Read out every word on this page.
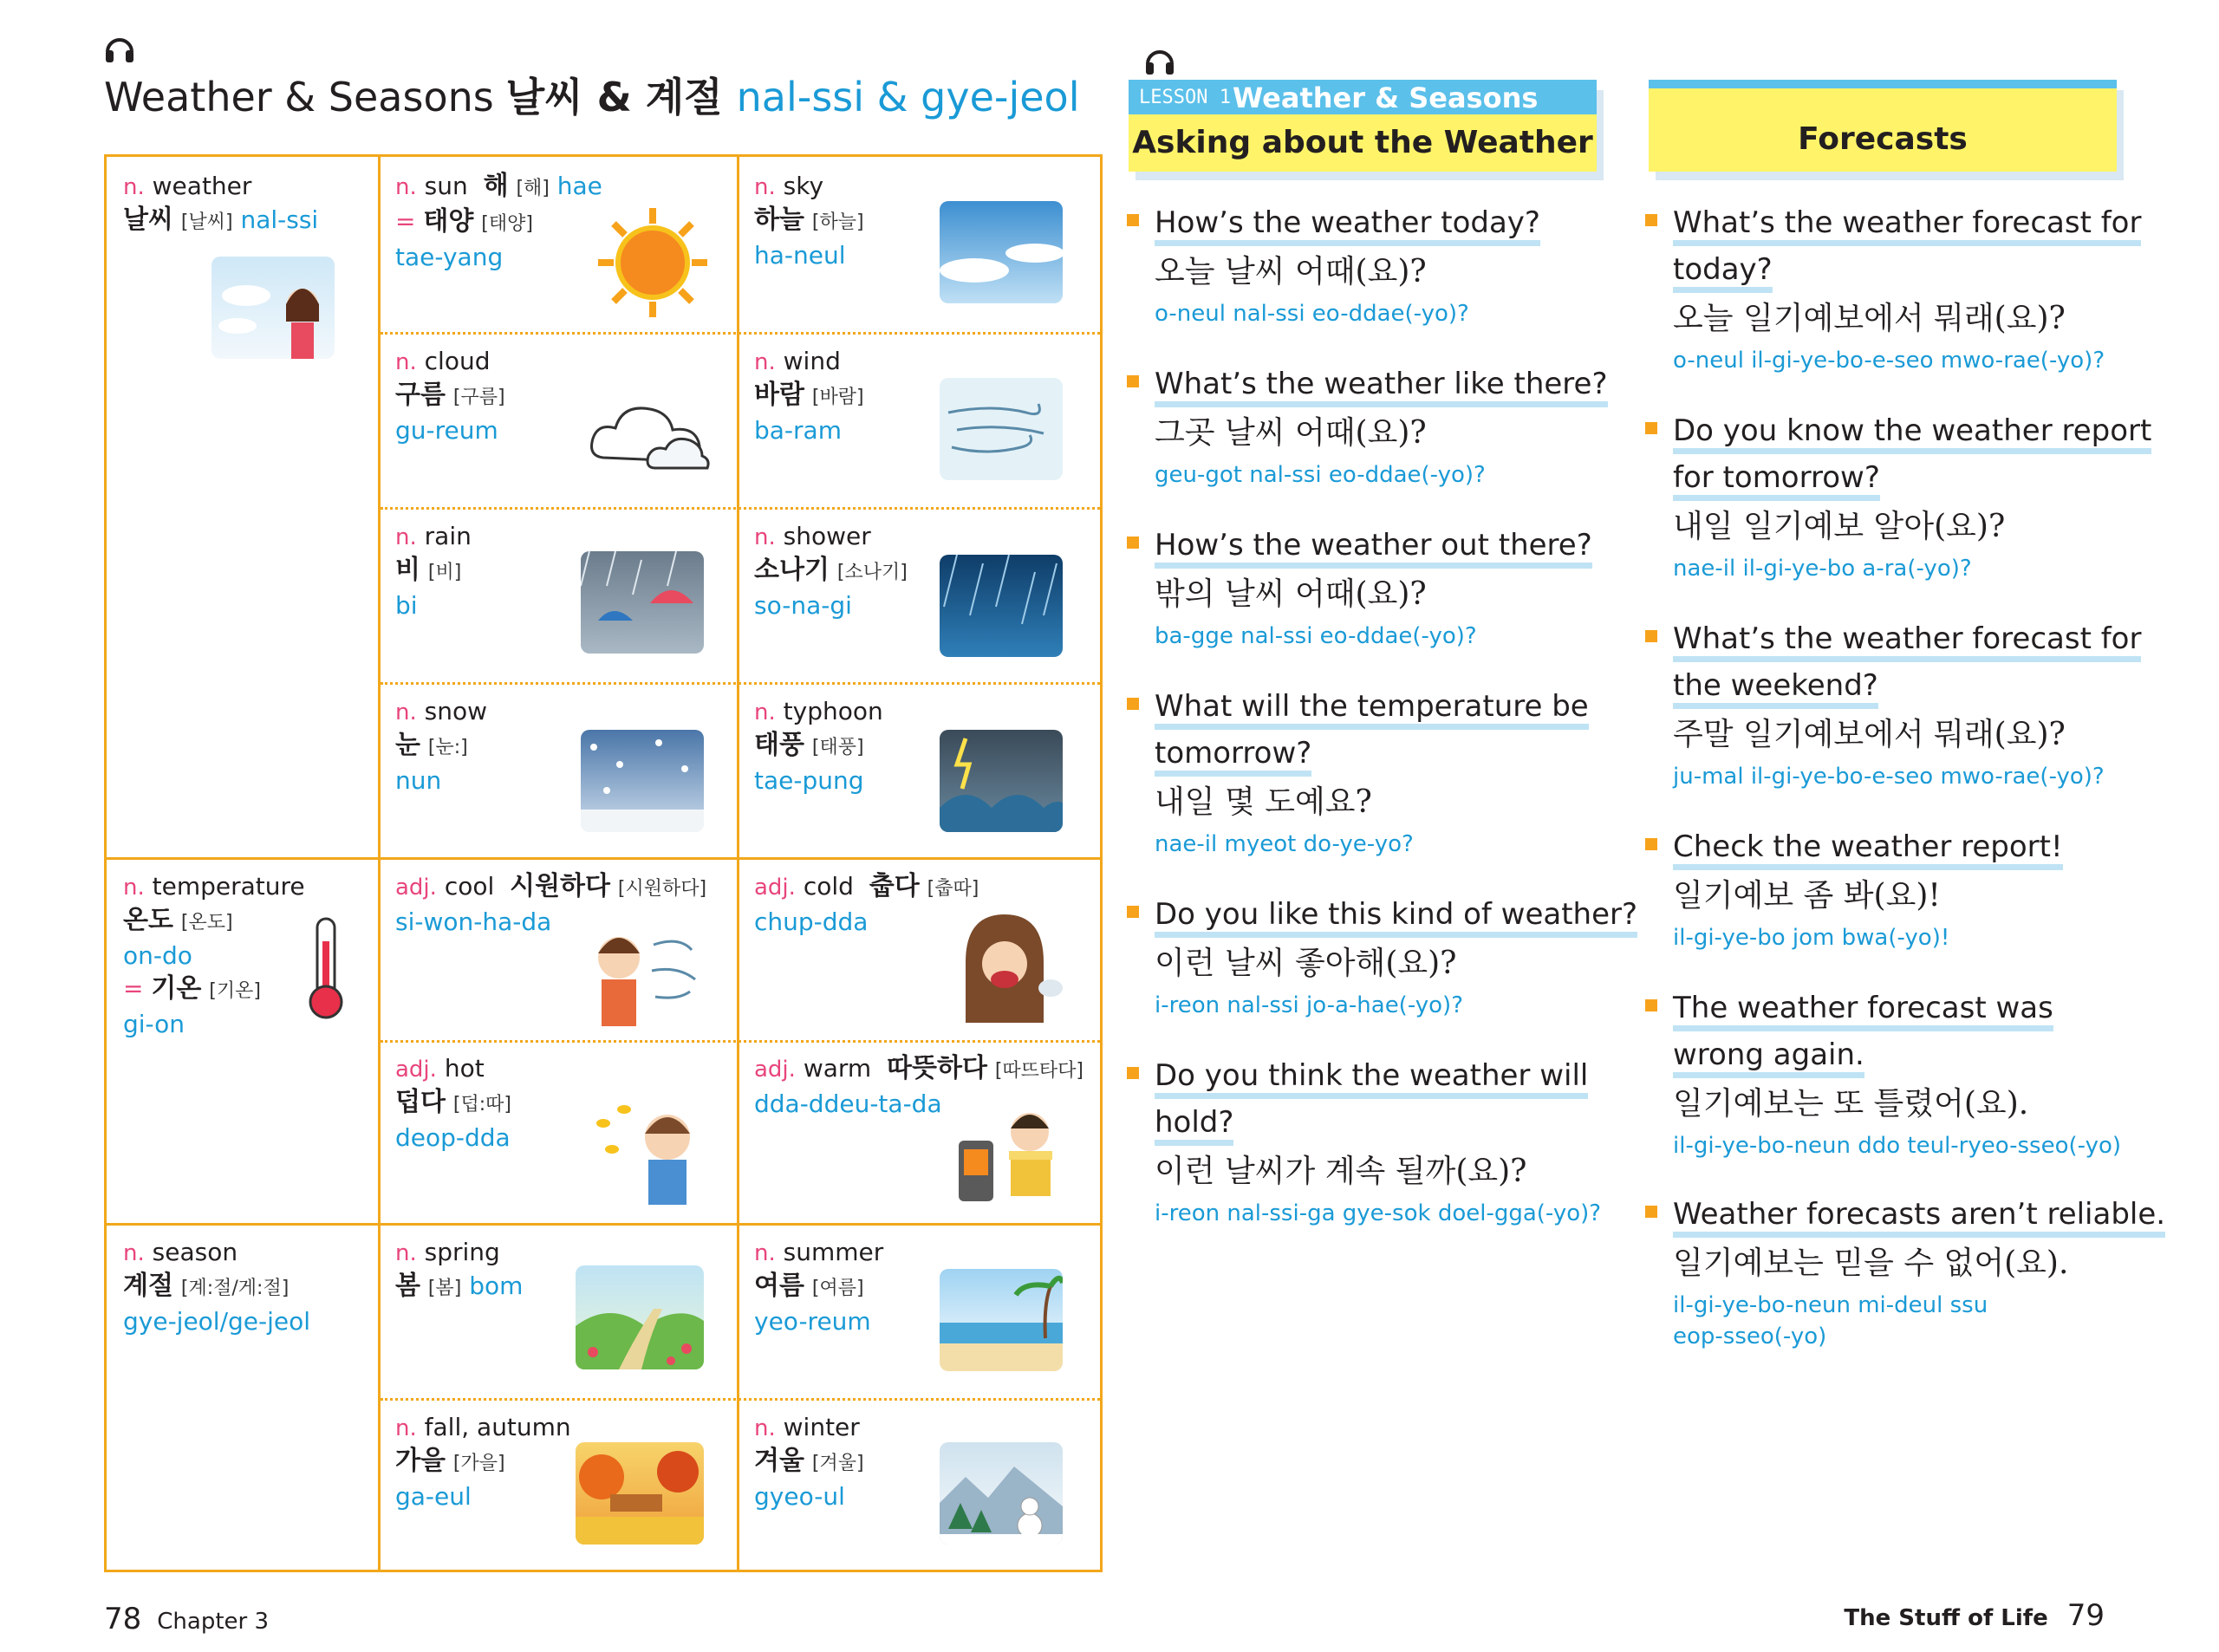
Weather & Seasons 날씨 & 계절 nal-ssi & gye-jeol
n. weather
날씨 [날씨] nal-ssi
n. sun 해 [해] hae
= 태양 [태양]
tae-yang
n. sky
하늘 [하늘]
ha-neul
n. cloud
구름 [구름]
gu-reum
n. wind
바람 [바람]
ba-ram
n. rain
비 [비]
bi
n. shower
소나기 [소나기]
so-na-gi
n. snow
눈 [눈:]
nun
n. typhoon
태풍 [태풍]
tae-pung
n. temperature
온도 [온도]
on-do
= 기온 [기온]
gi-on
adj. cool 시원하다 [시원하다]
si-won-ha-da
adj. cold 춥다 [춥따]
chup-dda
adj. hot
덥다 [덥:따]
deop-dda
adj. warm 따뜻하다 [따뜨타다]
dda-ddeu-ta-da
n. season
계절 [계:절/게:절]
gye-jeol/ge-jeol
n. spring
봄 [봄] bom
n. summer
여름 [여름]
yeo-reum
n. fall, autumn
가을 [가을]
ga-eul
n. winter
겨울 [겨울]
gyeo-ul
78 Chapter 3
LESSON 1 Weather & Seasons
Asking about the Weather	Forecasts
How’s the weather today?
오늘 날씨 어때(요)?
o-neul nal-ssi eo-ddae(-yo)?
What’s the weather like there?
그곳 날씨 어때(요)?
geu-got nal-ssi eo-ddae(-yo)?
How’s the weather out there?
밖의 날씨 어때(요)?
ba-gge nal-ssi eo-ddae(-yo)?
What will the temperature be
tomorrow?
내일 몇 도예요?
nae-il myeot do-ye-yo?
Do you like this kind of weather?
이런 날씨 좋아해(요)?
i-reon nal-ssi jo-a-hae(-yo)?
Do you think the weather will
hold?
이런 날씨가 계속 될까(요)?
i-reon nal-ssi-ga gye-sok doel-gga(-yo)?
What’s the weather forecast for
today?
오늘 일기예보에서 뭐래(요)?
o-neul il-gi-ye-bo-e-seo mwo-rae(-yo)?
Do you know the weather report
for tomorrow?
내일 일기예보 알아(요)?
nae-il il-gi-ye-bo a-ra(-yo)?
What’s the weather forecast for
the weekend?
주말 일기예보에서 뭐래(요)?
ju-mal il-gi-ye-bo-e-seo mwo-rae(-yo)?
Check the weather report!
일기예보 좀 봐(요)!
il-gi-ye-bo jom bwa(-yo)!
The weather forecast was
wrong again.
일기예보는 또 틀렸어(요).
il-gi-ye-bo-neun ddo teul-ryeo-sseo(-yo)
Weather forecasts aren’t reliable.
일기예보는 믿을 수 없어(요).
il-gi-ye-bo-neun mi-deul ssu
eop-sseo(-yo)
The Stuff of Life 79
